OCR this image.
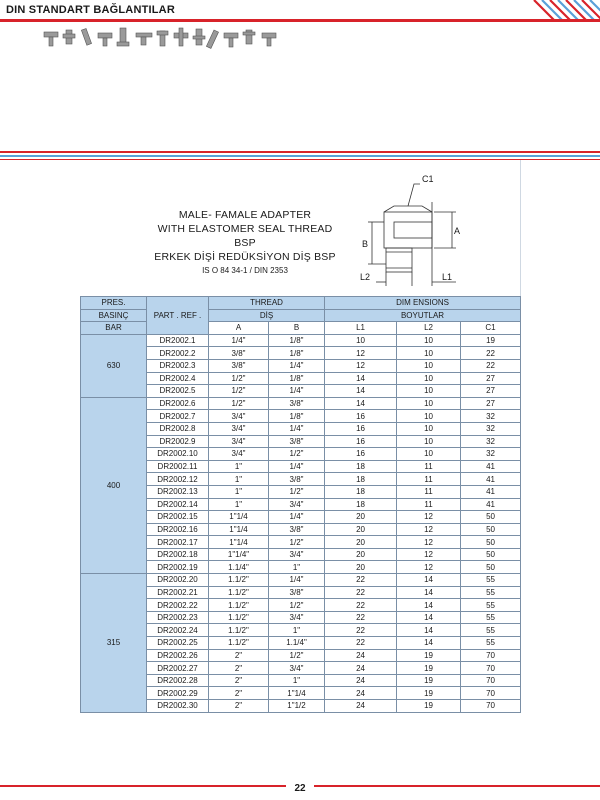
DIN STANDART BAĞLANTILAR
MALE- FAMALE ADAPTER
WITH ELASTOMER SEAL THREAD BSP
ERKEK DİŞİ REDÜKSİYON DİŞ BSP
IS O 84 34-1 / DIN 2353
C1
A
B
L2	L1
PRES.	PART . REF .	THREAD		DIM ENSIONS		
BASINÇ		DİŞ		BOYUTLAR		
BAR		A	B	L1	L2	C1
630	DR2002.1	1/4"	1/8"	10	10	19
	DR2002.2	3/8"	1/8"	12	10	22
	DR2002.3	3/8"	1/4"	12	10	22
	DR2002.4	1/2"	1/8"	14	10	27
	DR2002.5	1/2"	1/4"	14	10	27
400	DR2002.6	1/2"	3/8"	14	10	27
	DR2002.7	3/4"	1/8"	16	10	32
	DR2002.8	3/4"	1/4"	16	10	32
	DR2002.9	3/4"	3/8"	16	10	32
	DR2002.10	3/4"	1/2"	16	10	32
	DR2002.11	1"	1/4"	18	11	41
	DR2002.12	1"	3/8"	18	11	41
	DR2002.13	1"	1/2"	18	11	41
	DR2002.14	1"	3/4"	18	11	41
	DR2002.15	1"1/4	1/4"	20	12	50
	DR2002.16	1"1/4	3/8"	20	12	50
	DR2002.17	1"1/4	1/2"	20	12	50
	DR2002.18	1"1/4"	3/4"	20	12	50
	DR2002.19	1.1/4"	1"	20	12	50
315	DR2002.20	1.1/2"	1/4"	22	14	55
	DR2002.21	1.1/2"	3/8"	22	14	55
	DR2002.22	1.1/2"	1/2"	22	14	55
	DR2002.23	1.1/2"	3/4"	22	14	55
	DR2002.24	1.1/2"	1"	22	14	55
	DR2002.25	1.1/2"	1.1/4"	22	14	55
	DR2002.26	2"	1/2"	24	19	70
	DR2002.27	2"	3/4"	24	19	70
	DR2002.28	2"	1"	24	19	70
	DR2002.29	2"	1"1/4	24	19	70
	DR2002.30	2"	1"1/2	24	19	70
22
